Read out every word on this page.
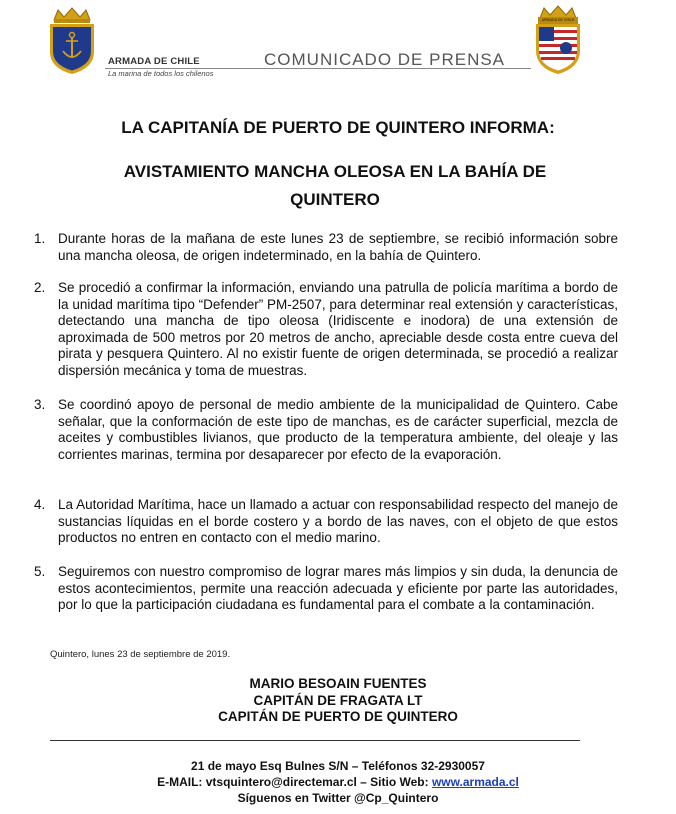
ARMADA DE CHILE
La marina de todos los chilenos
COMUNICADO DE PRENSA
ARMADA DE CHILE
LA CAPITANÍA DE PUERTO DE QUINTERO INFORMA:
AVISTAMIENTO MANCHA OLEOSA EN LA BAHÍA DE QUINTERO
1. Durante horas de la mañana de este lunes 23 de septiembre, se recibió información sobre una mancha oleosa, de origen indeterminado, en la bahía de Quintero.
2. Se procedió a confirmar la información, enviando una patrulla de policía marítima a bordo de la unidad marítima tipo “Defender” PM-2507, para determinar real extensión y características, detectando una mancha de tipo oleosa (Iridiscente e inodora) de una extensión de aproximada de 500 metros por 20 metros de ancho, apreciable desde costa entre cueva del pirata y pesquera Quintero. Al no existir fuente de origen determinada, se procedió a realizar dispersión mecánica y toma de muestras.
3. Se coordinó apoyo de personal de medio ambiente de la municipalidad de Quintero. Cabe señalar, que la conformación de este tipo de manchas, es de carácter superficial, mezcla de aceites y combustibles livianos, que producto de la temperatura ambiente, del oleaje y las corrientes marinas, termina por desaparecer por efecto de la evaporación.
4. La Autoridad Marítima, hace un llamado a actuar con responsabilidad respecto del manejo de sustancias líquidas en el borde costero y a bordo de las naves, con el objeto de que estos productos no entren en contacto con el medio marino.
5. Seguiremos con nuestro compromiso de lograr mares más limpios y sin duda, la denuncia de estos acontecimientos, permite una reacción adecuada y eficiente por parte las autoridades, por lo que la participación ciudadana es fundamental para el combate a la contaminación.
Quintero, lunes 23 de septiembre de 2019.
MARIO BESOAIN FUENTES
CAPITÁN DE FRAGATA LT
CAPITÁN DE PUERTO DE QUINTERO
21 de mayo Esq Bulnes S/N – Teléfonos 32-2930057
E-MAIL: vtsquintero@directemar.cl – Sitio Web: www.armada.cl
Síguenos en Twitter @Cp_Quintero
